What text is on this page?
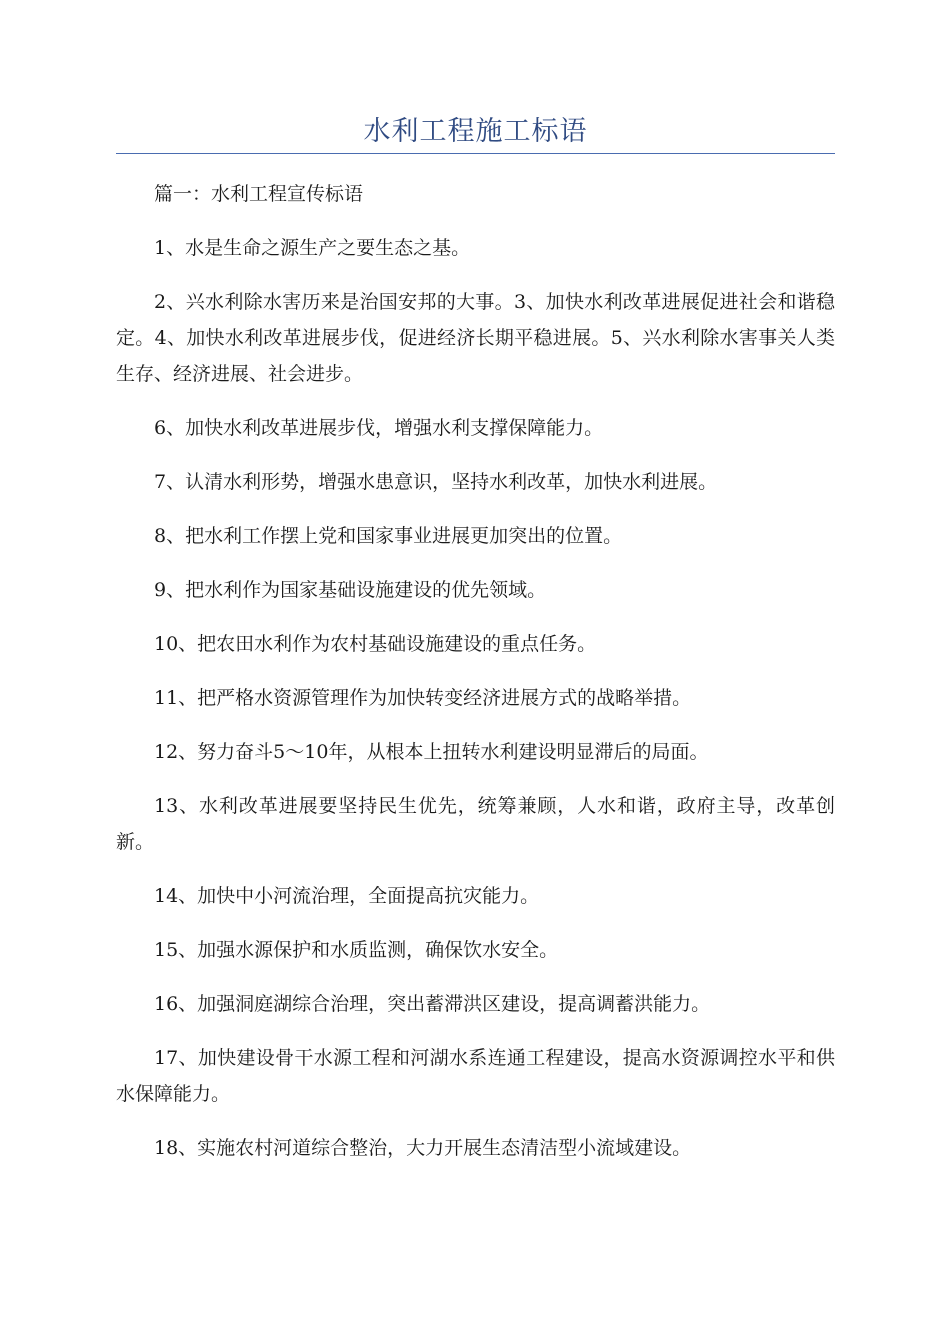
水利工程施工标语

篇一：水利工程宣传标语

1、水是生命之源生产之要生态之基。

2、兴水利除水害历来是治国安邦的大事。3、加快水利改革进展促进社会和谐稳定。4、加快水利改革进展步伐，促进经济长期平稳进展。5、兴水利除水害事关人类生存、经济进展、社会进步。

6、加快水利改革进展步伐，增强水利支撑保障能力。

7、认清水利形势，增强水患意识，坚持水利改革，加快水利进展。

8、把水利工作摆上党和国家事业进展更加突出的位置。

9、把水利作为国家基础设施建设的优先领域。

10、把农田水利作为农村基础设施建设的重点任务。

11、把严格水资源管理作为加快转变经济进展方式的战略举措。

12、努力奋斗5～10年，从根本上扭转水利建设明显滞后的局面。

13、水利改革进展要坚持民生优先，统筹兼顾，人水和谐，政府主导，改革创新。

14、加快中小河流治理，全面提高抗灾能力。

15、加强水源保护和水质监测，确保饮水安全。

16、加强洞庭湖综合治理，突出蓄滞洪区建设，提高调蓄洪能力。

17、加快建设骨干水源工程和河湖水系连通工程建设，提高水资源调控水平和供水保障能力。

18、实施农村河道综合整治，大力开展生态清洁型小流域建设。
